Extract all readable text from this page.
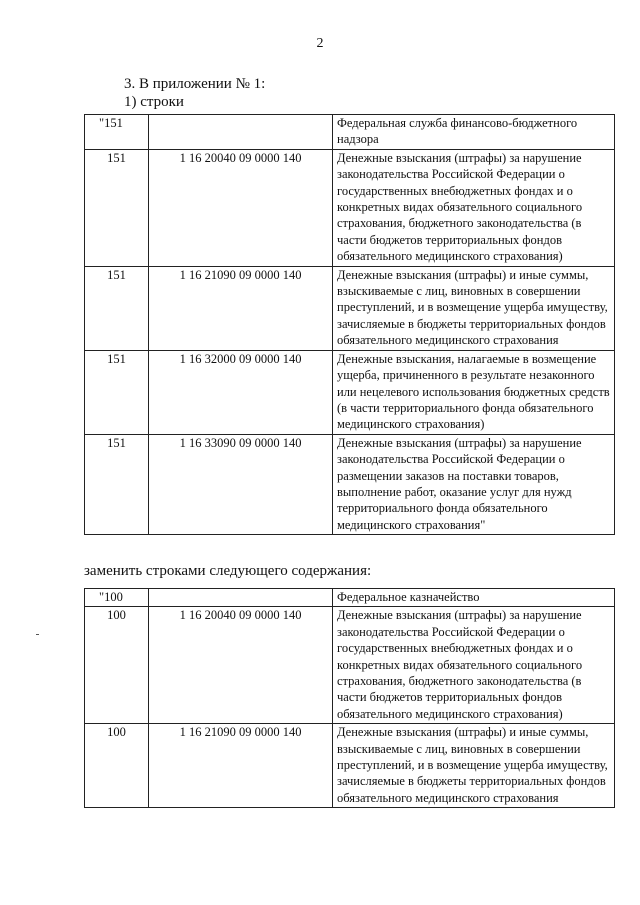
2
3. В приложении № 1:
1) строки
"151		Федеральная служба финансово-бюджетного надзора
151	1 16 20040 09 0000 140	Денежные взыскания (штрафы) за нарушение законодательства Российской Федерации о государственных внебюджетных фондах и о конкретных видах обязательного социального страхования, бюджетного законодательства (в части бюджетов территориальных фондов обязательного медицинского страхования)
151	1 16 21090 09 0000 140	Денежные взыскания (штрафы) и иные суммы, взыскиваемые с лиц, виновных в совершении преступлений, и в возмещение ущерба имуществу, зачисляемые в бюджеты территориальных фондов обязательного медицинского страхования
151	1 16 32000 09 0000 140	Денежные взыскания, налагаемые в возмещение ущерба, причиненного в результате незаконного или нецелевого использования бюджетных средств (в части территориального фонда обязательного медицинского страхования)
151	1 16 33090 09 0000 140	Денежные взыскания (штрафы) за нарушение законодательства Российской Федерации о размещении заказов на поставки товаров, выполнение работ, оказание услуг для нужд территориального фонда обязательного медицинского страхования"
заменить строками следующего содержания:
"100		Федеральное казначейство
100	1 16 20040 09 0000 140	Денежные взыскания (штрафы) за нарушение законодательства Российской Федерации о государственных внебюджетных фондах и о конкретных видах обязательного социального страхования, бюджетного законодательства (в части бюджетов территориальных фондов обязательного медицинского страхования)
100	1 16 21090 09 0000 140	Денежные взыскания (штрафы) и иные суммы, взыскиваемые с лиц, виновных в совершении преступлений, и в возмещение ущерба имуществу, зачисляемые в бюджеты территориальных фондов обязательного медицинского страхования
